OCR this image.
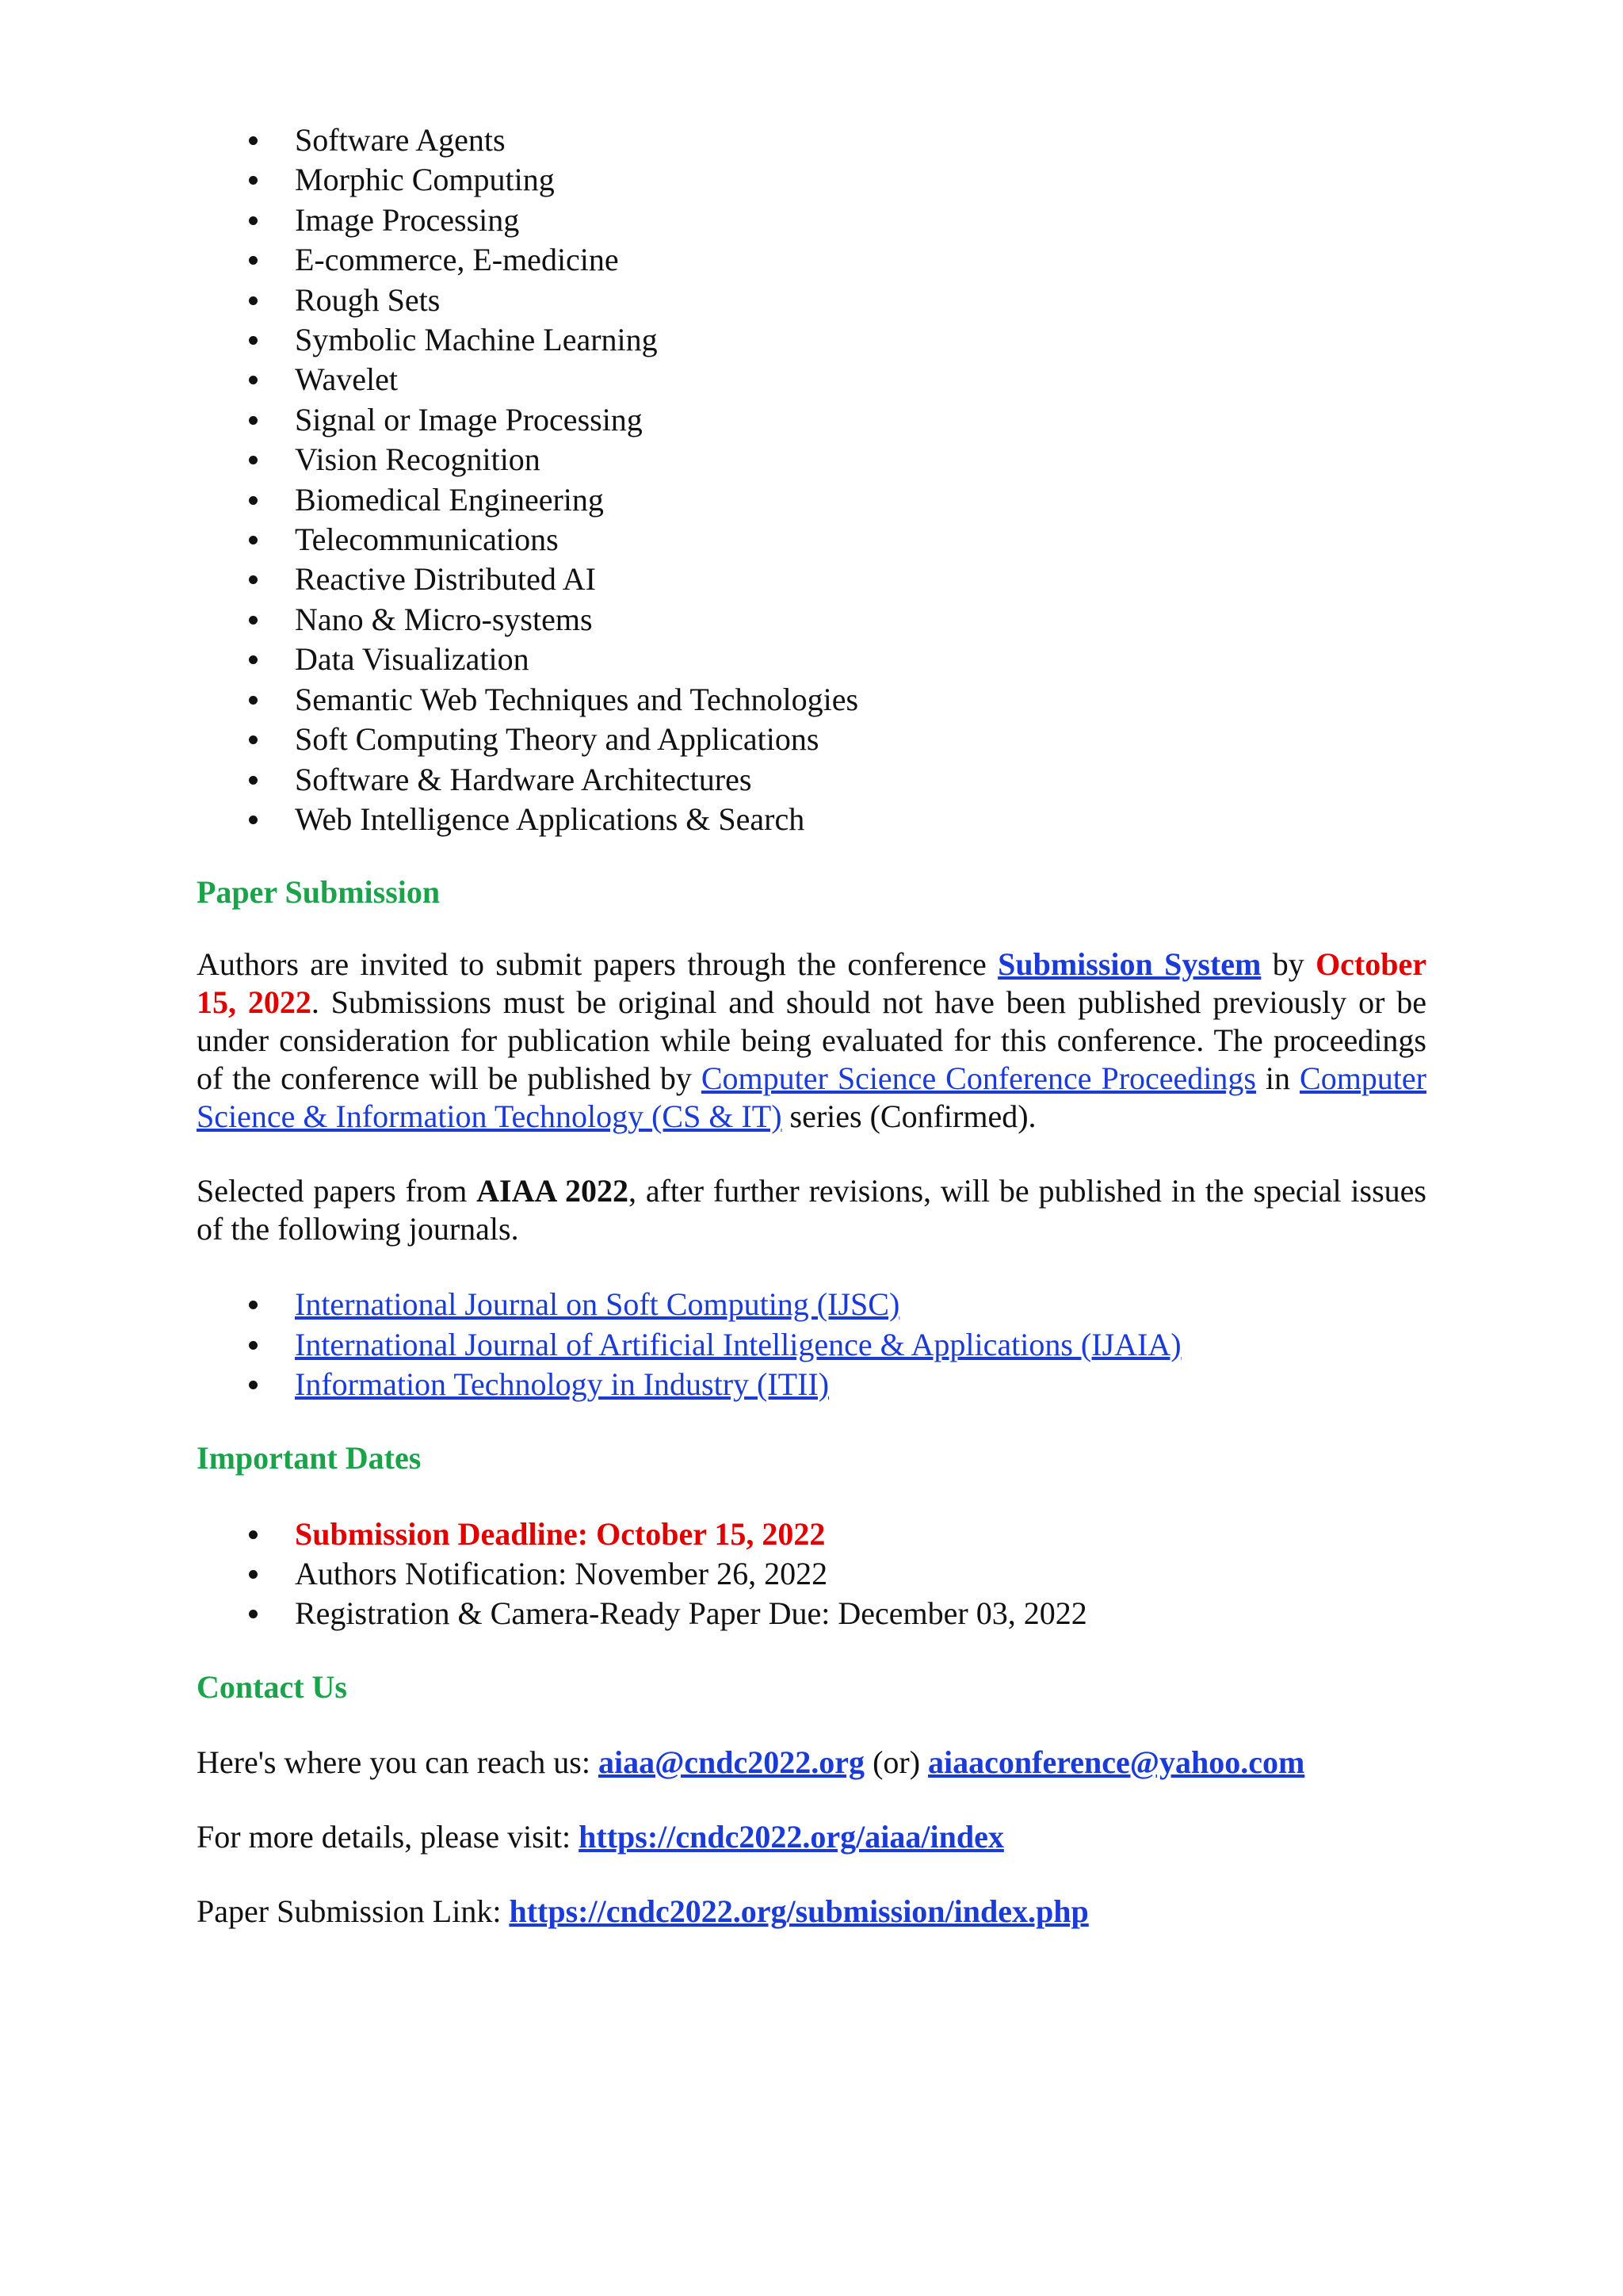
Software Agents
Morphic Computing
Image Processing
E-commerce, E-medicine
Rough Sets
Symbolic Machine Learning
Wavelet
Signal or Image Processing
Vision Recognition
Biomedical Engineering
Telecommunications
Reactive Distributed AI
Nano & Micro-systems
Data Visualization
Semantic Web Techniques and Technologies
Soft Computing Theory and Applications
Software & Hardware Architectures
Web Intelligence Applications & Search
Paper Submission

Authors are invited to submit papers through the conference Submission System by October 15, 2022. Submissions must be original and should not have been published previously or be under consideration for publication while being evaluated for this conference. The proceedings of the conference will be published by Computer Science Conference Proceedings in Computer Science & Information Technology (CS & IT) series (Confirmed).

Selected papers from AIAA 2022, after further revisions, will be published in the special issues of the following journals.

International Journal on Soft Computing (IJSC)
International Journal of Artificial Intelligence & Applications (IJAIA)
Information Technology in Industry (ITII)
Important Dates
Submission Deadline: October 15, 2022
Authors Notification: November 26, 2022
Registration & Camera-Ready Paper Due: December 03, 2022
Contact Us

Here's where you can reach us: aiaa@cndc2022.org (or) aiaaconference@yahoo.com

For more details, please visit: https://cndc2022.org/aiaa/index

Paper Submission Link: https://cndc2022.org/submission/index.php
